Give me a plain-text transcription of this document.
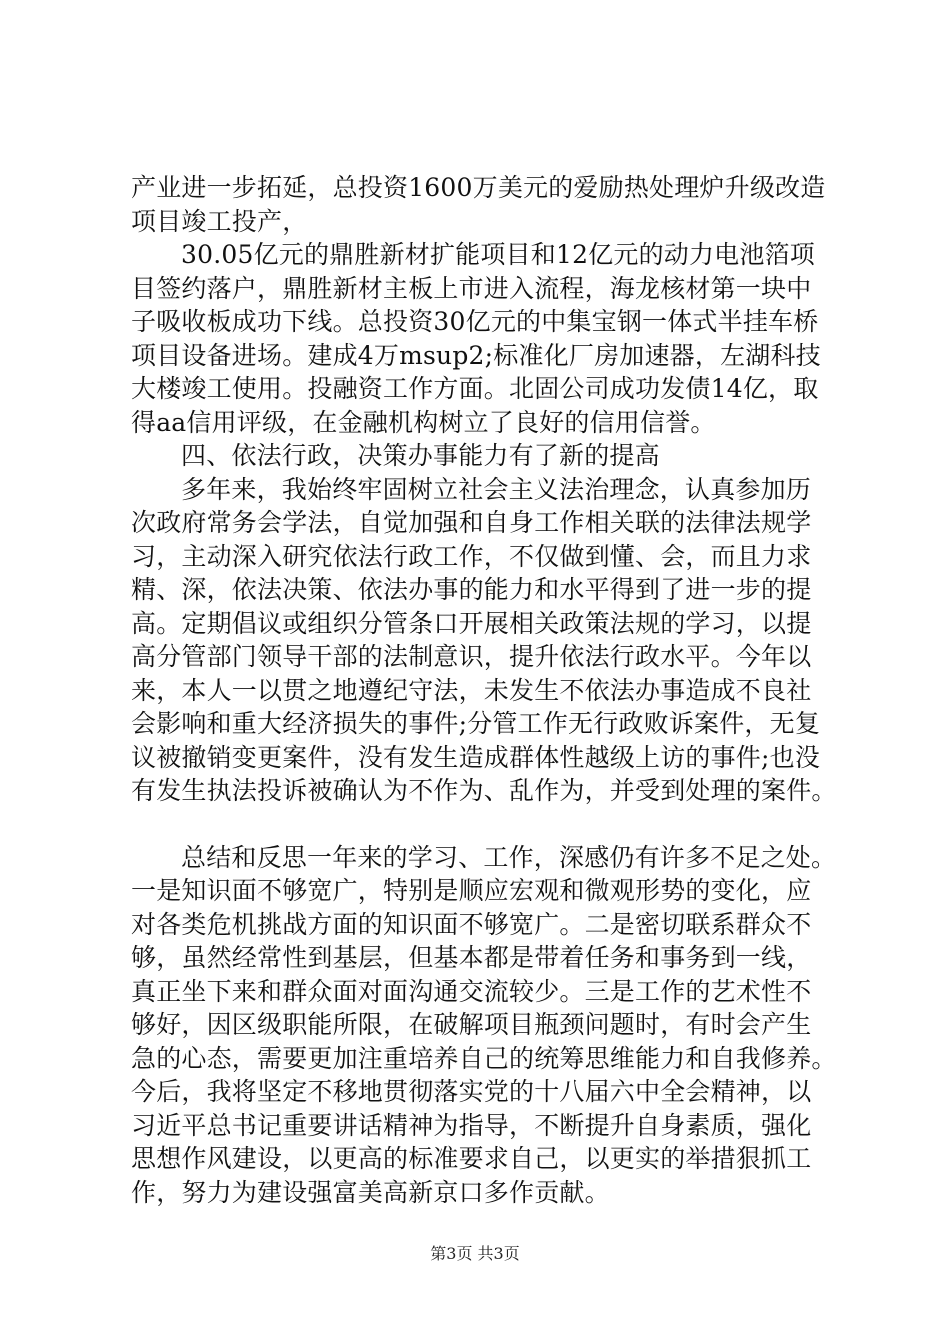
产业进一步拓延，总投资1600万美元的爱励热处理炉升级改造
项目竣工投产，
30.05亿元的鼎胜新材扩能项目和12亿元的动力电池箔项
目签约落户，鼎胜新材主板上市进入流程，海龙核材第一块中
子吸收板成功下线。总投资30亿元的中集宝钢一体式半挂车桥
项目设备进场。建成4万msup2;标准化厂房加速器，左湖科技
大楼竣工使用。投融资工作方面。北固公司成功发债14亿，取
得aa信用评级，在金融机构树立了良好的信用信誉。
四、依法行政，决策办事能力有了新的提高
多年来，我始终牢固树立社会主义法治理念，认真参加历
次政府常务会学法，自觉加强和自身工作相关联的法律法规学
习，主动深入研究依法行政工作，不仅做到懂、会，而且力求
精、深，依法决策、依法办事的能力和水平得到了进一步的提
高。定期倡议或组织分管条口开展相关政策法规的学习，以提
高分管部门领导干部的法制意识，提升依法行政水平。今年以
来，本人一以贯之地遵纪守法，未发生不依法办事造成不良社
会影响和重大经济损失的事件;分管工作无行政败诉案件，无复
议被撤销变更案件，没有发生造成群体性越级上访的事件;也没
有发生执法投诉被确认为不作为、乱作为，并受到处理的案件。
总结和反思一年来的学习、工作，深感仍有许多不足之处。
一是知识面不够宽广，特别是顺应宏观和微观形势的变化，应
对各类危机挑战方面的知识面不够宽广。二是密切联系群众不
够，虽然经常性到基层，但基本都是带着任务和事务到一线，
真正坐下来和群众面对面沟通交流较少。三是工作的艺术性不
够好，因区级职能所限，在破解项目瓶颈问题时，有时会产生
急的心态，需要更加注重培养自己的统筹思维能力和自我修养。
今后，我将坚定不移地贯彻落实党的十八届六中全会精神，以
习近平总书记重要讲话精神为指导，不断提升自身素质，强化
思想作风建设，以更高的标准要求自己，以更实的举措狠抓工
作，努力为建设强富美高新京口多作贡献。
第3页 共3页
